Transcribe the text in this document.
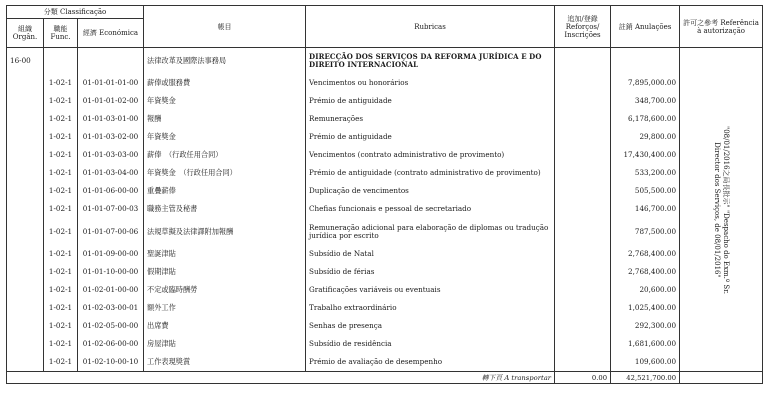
分類 Classificação			帳目	Rubricas	追加/登錄 Reforços/ Inscrições	註銷 Anulações	許可之參考 Referência à autorização
組織 Orgân.	職能 Func.	經濟 Económica					
16-00			法律改革及國際法事務局	DIRECÇÃO DOS SERVIÇOS DA REFORMA JURÍDICA E DO DIREITO INTERNACIONAL			"08/01/2016之局長批示" "Despacho do Exm.º Sr. Director dos Serviços, de 08/01/2016"

	1-02-1	01-01-01-01-00	薪俸或服務費	Vencimentos ou honorários		7,895,000.00	
	1-02-1	01-01-01-02-00	年資獎金	Prémio de antiguidade		348,700.00	
	1-02-1	01-01-03-01-00	報酬	Remunerações		6,178,600.00	
	1-02-1	01-01-03-02-00	年資獎金	Prémio de antiguidade		29,800.00	
	1-02-1	01-01-03-03-00	薪俸　（行政任用合同）	Vencimentos (contrato administrativo de provimento)		17,430,400.00	
	1-02-1	01-01-03-04-00	年資獎金　（行政任用合同）	Prémio de antiguidade (contrato administrativo de provimento)		533,200.00	
	1-02-1	01-01-06-00-00	重疊薪俸	Duplicação de vencimentos		505,500.00	
	1-02-1	01-01-07-00-03	職務主管及秘書	Chefias funcionais e pessoal de secretariado		146,700.00	
	1-02-1	01-01-07-00-06	法規草擬及法律譯附加報酬	Remuneração adicional para elaboração de diplomas ou tradução jurídica por escrito		787,500.00	
	1-02-1	01-01-09-00-00	聖誕津貼	Subsídio de Natal		2,768,400.00	
	1-02-1	01-01-10-00-00	假期津貼	Subsídio de férias		2,768,400.00	
	1-02-1	01-02-01-00-00	不定或臨時酬勞	Gratificações variáveis ou eventuais		20,600.00	
	1-02-1	01-02-03-00-01	額外工作	Trabalho extraordinário		1,025,400.00	
	1-02-1	01-02-05-00-00	出席費	Senhas de presença		292,300.00	
	1-02-1	01-02-06-00-00	房屋津貼	Subsídio de residência		1,681,600.00	
	1-02-1	01-02-10-00-10	工作表現獎賞	Prémio de avaliação de desempenho		109,600.00	
轉下頁 A transportar					0.00	42,521,700.00	
